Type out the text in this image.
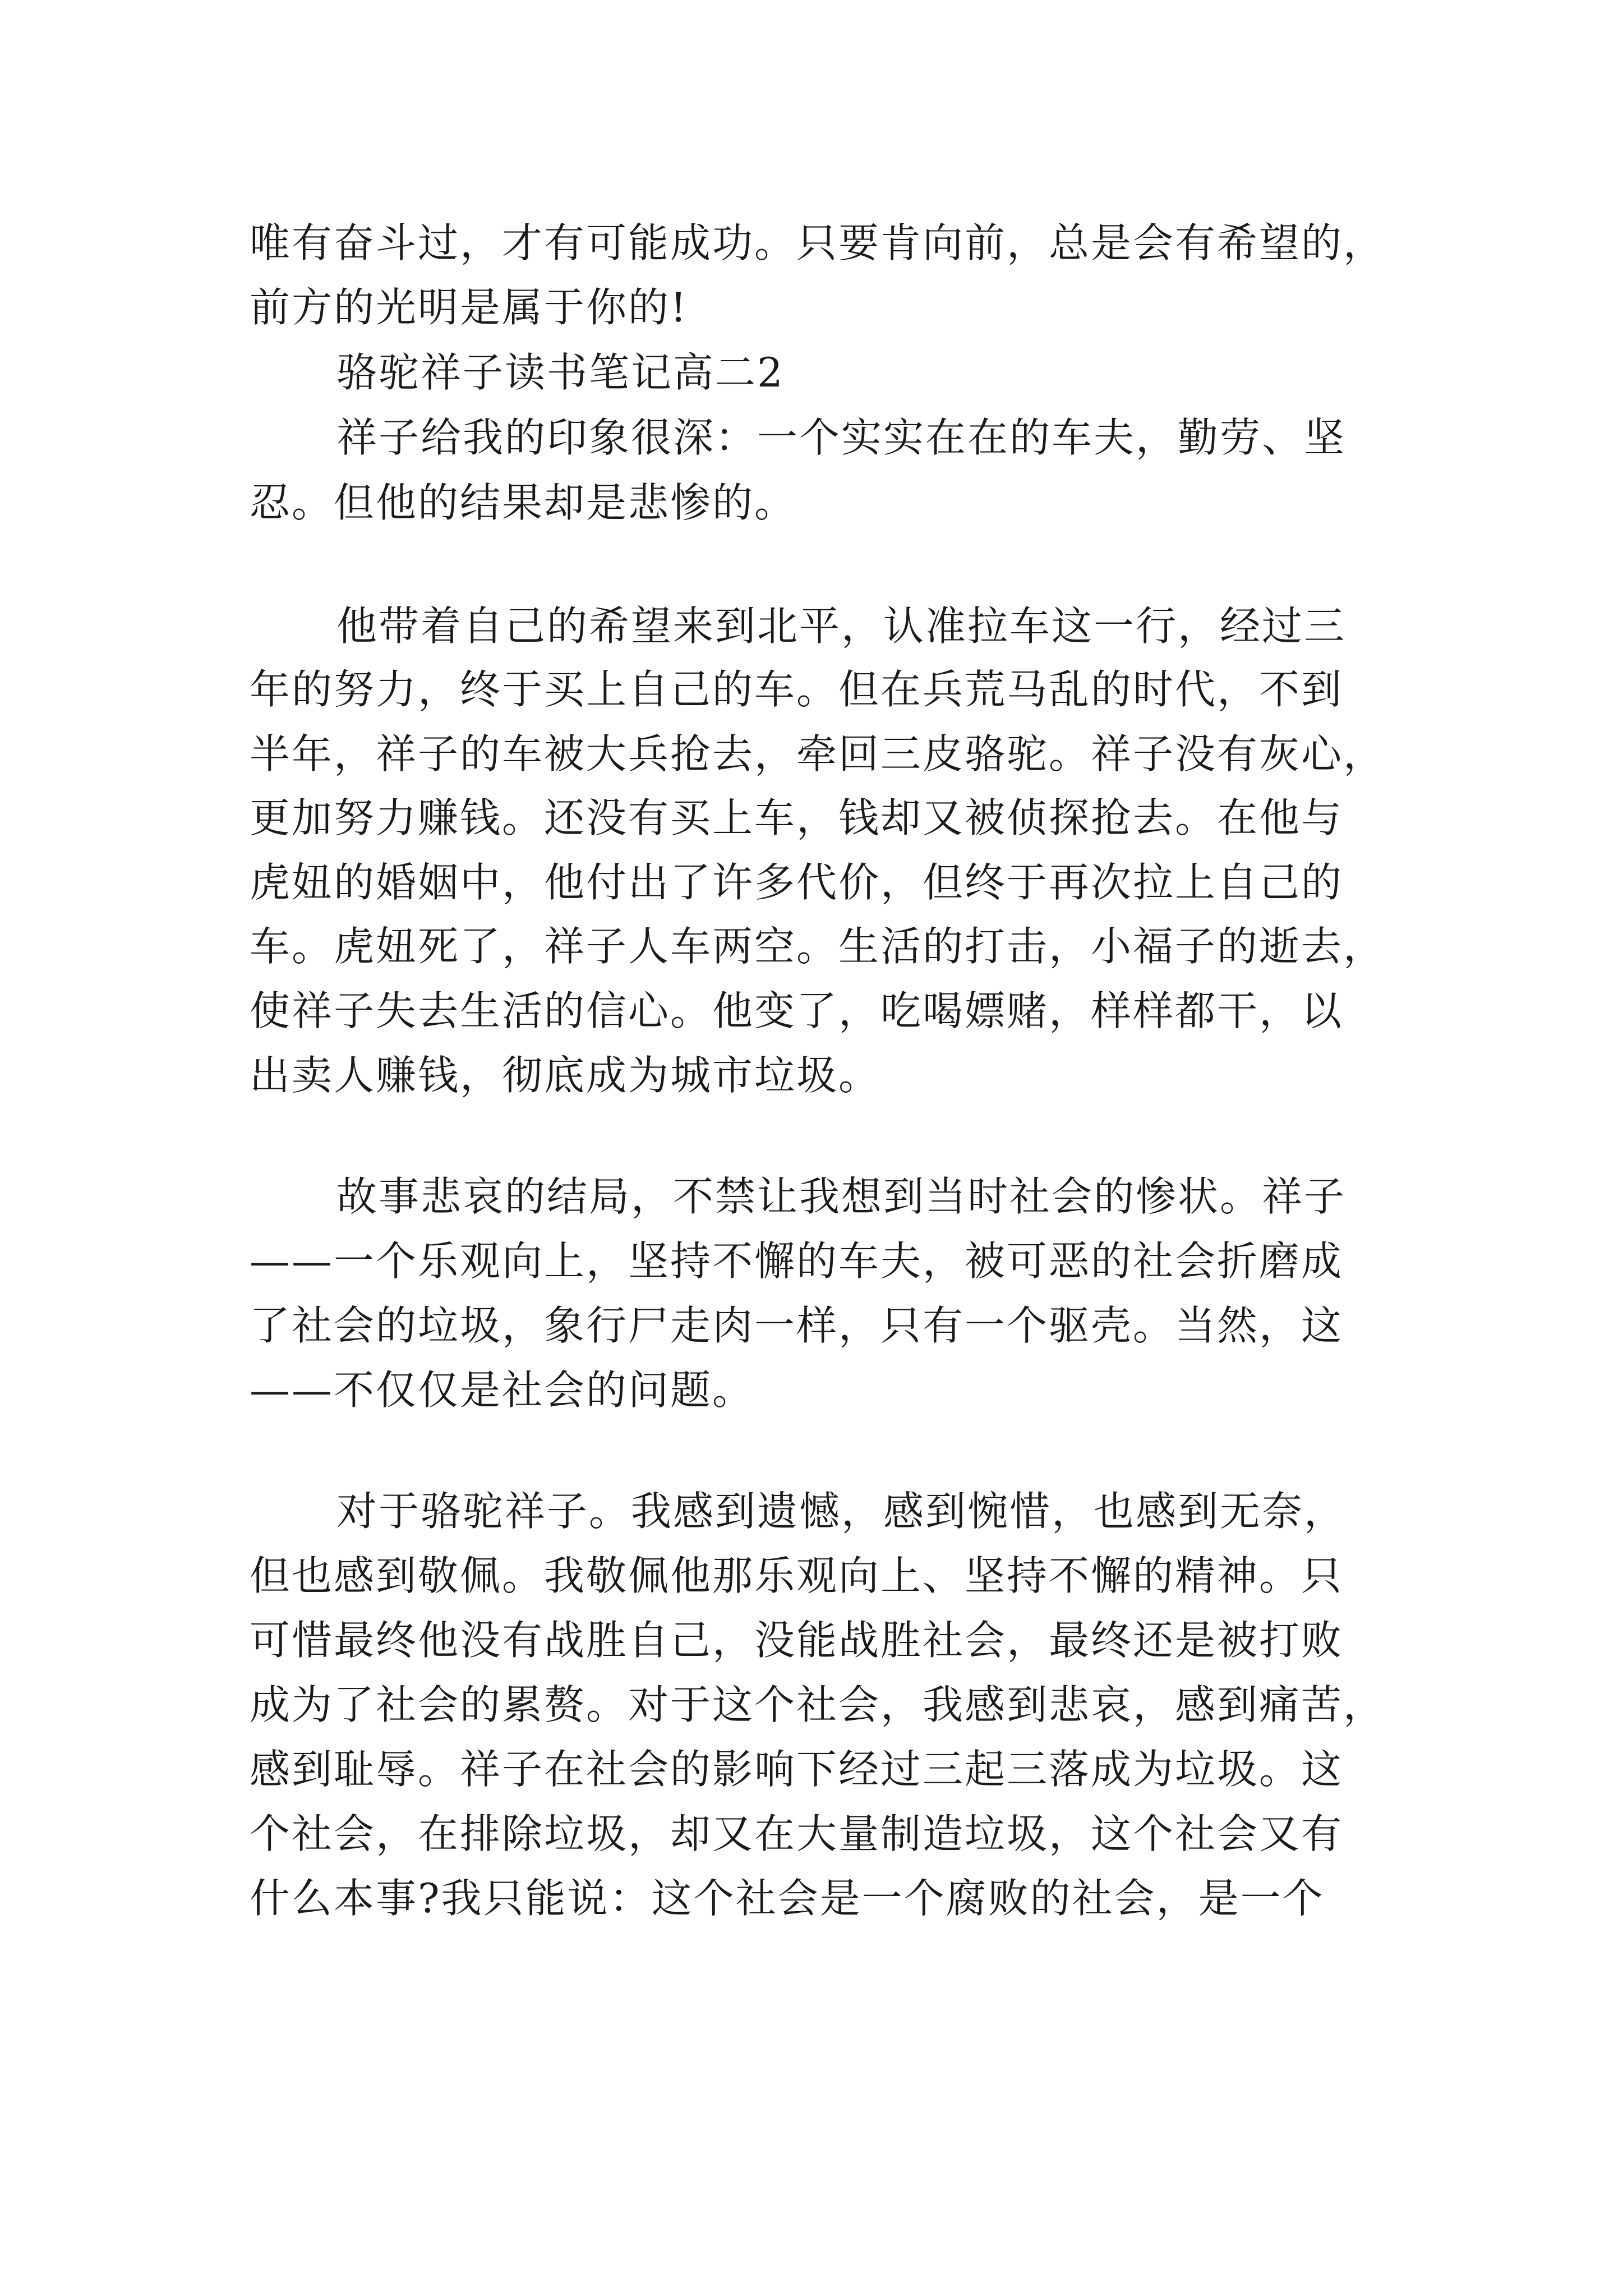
唯有奋斗过，才有可能成功。只要肯向前，总是会有希望的，
前方的光明是属于你的!
骆驼祥子读书笔记高二2
祥子给我的印象很深：一个实实在在的车夫，勤劳、坚
忍。但他的结果却是悲惨的。
他带着自己的希望来到北平，认准拉车这一行，经过三
年的努力，终于买上自己的车。但在兵荒马乱的时代，不到
半年，祥子的车被大兵抢去，牵回三皮骆驼。祥子没有灰心，
更加努力赚钱。还没有买上车，钱却又被侦探抢去。在他与
虎妞的婚姻中，他付出了许多代价，但终于再次拉上自己的
车。虎妞死了，祥子人车两空。生活的打击，小福子的逝去，
使祥子失去生活的信心。他变了，吃喝嫖赌，样样都干，以
出卖人赚钱，彻底成为城市垃圾。
故事悲哀的结局，不禁让我想到当时社会的惨状。祥子
——一个乐观向上，坚持不懈的车夫，被可恶的社会折磨成
了社会的垃圾，象行尸走肉一样，只有一个驱壳。当然，这
——不仅仅是社会的问题。
对于骆驼祥子。我感到遗憾，感到惋惜，也感到无奈，
但也感到敬佩。我敬佩他那乐观向上、坚持不懈的精神。只
可惜最终他没有战胜自己，没能战胜社会，最终还是被打败
成为了社会的累赘。对于这个社会，我感到悲哀，感到痛苦，
感到耻辱。祥子在社会的影响下经过三起三落成为垃圾。这
个社会，在排除垃圾，却又在大量制造垃圾，这个社会又有
什么本事?我只能说：这个社会是一个腐败的社会，是一个
